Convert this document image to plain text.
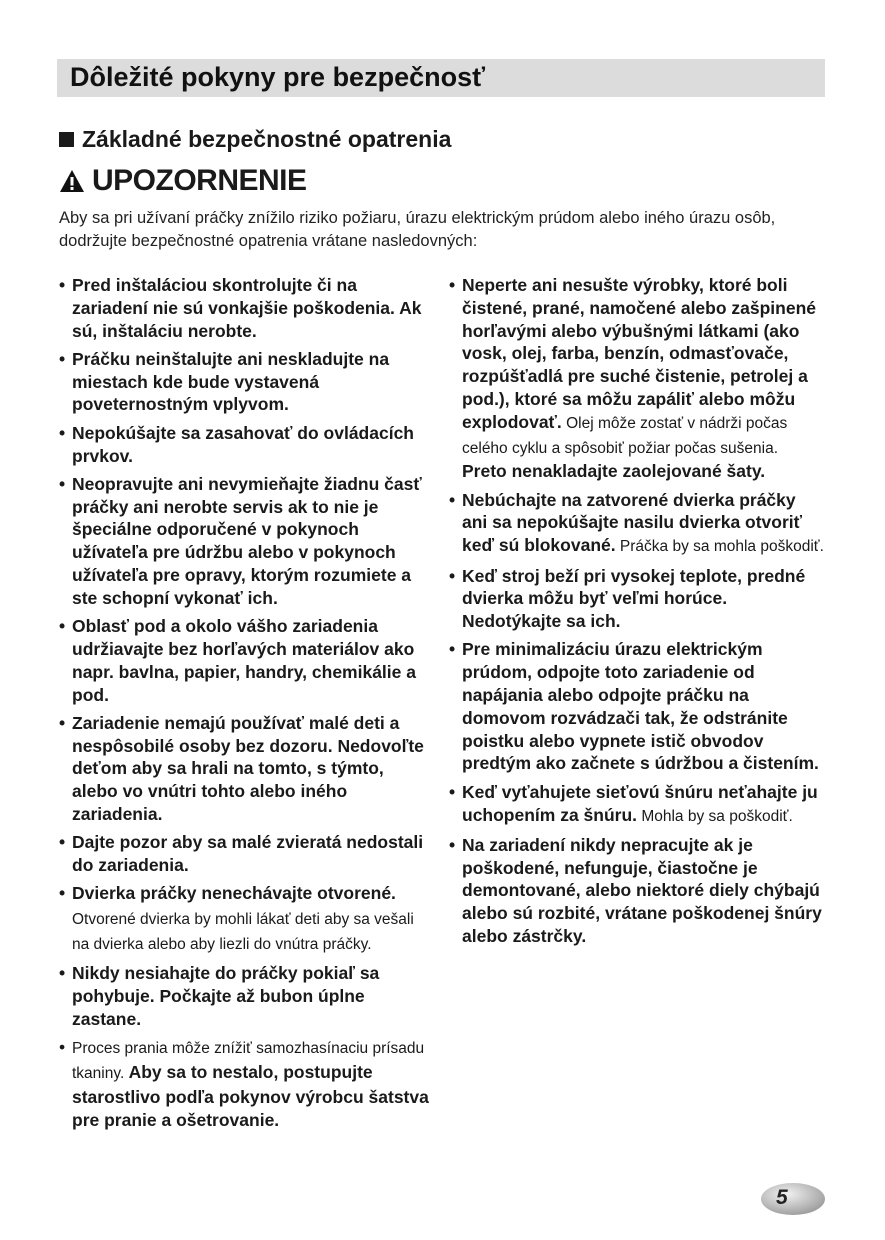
Dôležité pokyny pre bezpečnosť
Základné bezpečnostné opatrenia
UPOZORNENIE
Aby sa pri užívaní práčky znížilo riziko požiaru, úrazu elektrickým prúdom alebo iného úrazu osôb, dodržujte bezpečnostné opatrenia vrátane nasledovných:
• Pred inštaláciou skontrolujte či na zariadení nie sú vonkajšie poškodenia. Ak sú, inštaláciu nerobte.
• Práčku neinštalujte ani neskladujte na miestach kde bude vystavená poveternostným vplyvom.
• Nepokúšajte sa zasahovať do ovládacích prvkov.
• Neopravujte ani nevymieňajte žiadnu časť práčky ani nerobte servis ak to nie je špeciálne odporučené v pokynoch užívateľa pre údržbu alebo v pokynoch užívateľa pre opravy, ktorým rozumiete a ste schopní vykonať ich.
• Oblasť pod a okolo vášho zariadenia udržiavajte bez horľavých materiálov ako napr. bavlna, papier, handry, chemikálie a pod.
• Zariadenie nemajú používať malé deti a nespôsobilé osoby bez dozoru. Nedovoľte deťom aby sa hrali na tomto, s týmto, alebo vo vnútri tohto alebo iného zariadenia.
• Dajte pozor aby sa malé zvieratá nedostali do zariadenia.
• Dvierka práčky nenechávajte otvorené. Otvorené dvierka by mohli lákať deti aby sa vešali na dvierka alebo aby liezli do vnútra práčky.
• Nikdy nesiahajte do práčky pokiaľ sa pohybuje. Počkajte až bubon úplne zastane.
• Proces prania môže znížiť samozhasínaciu prísadu tkaniny. Aby sa to nestalo, postupujte starostlivo podľa pokynov výrobcu šatstva pre pranie a ošetrovanie.
• Neperte ani nesušte výrobky, ktoré boli čistené, prané, namočené alebo zašpinené horľavými alebo výbušnými látkami (ako vosk, olej, farba, benzín, odmasťovače, rozpúšťadlá pre suché čistenie, petrolej a pod.), ktoré sa môžu zapáliť alebo môžu explodovať. Olej môže zostať v nádrži počas celého cyklu a spôsobiť požiar počas sušenia. Preto nenakladajte zaolejované šaty.
• Nebúchajte na zatvorené dvierka práčky ani sa nepokúšajte nasilu dvierka otvoriť keď sú blokované. Práčka by sa mohla poškodiť.
• Keď stroj beží pri vysokej teplote, predné dvierka môžu byť veľmi horúce. Nedotýkajte sa ich.
• Pre minimalizáciu úrazu elektrickým prúdom, odpojte toto zariadenie od napájania alebo odpojte práčku na domovom rozvádzači tak, že odstránite poistku alebo vypnete istič obvodov predtým ako začnete s údržbou a čistením.
• Keď vyťahujete sieťovú šnúru neťahajte ju uchopením za šnúru. Mohla by sa poškodiť.
• Na zariadení nikdy nepracujte ak je poškodené, nefunguje, čiastočne je demontované, alebo niektoré diely chýbajú alebo sú rozbité, vrátane poškodenej šnúry alebo zástrčky.
5
